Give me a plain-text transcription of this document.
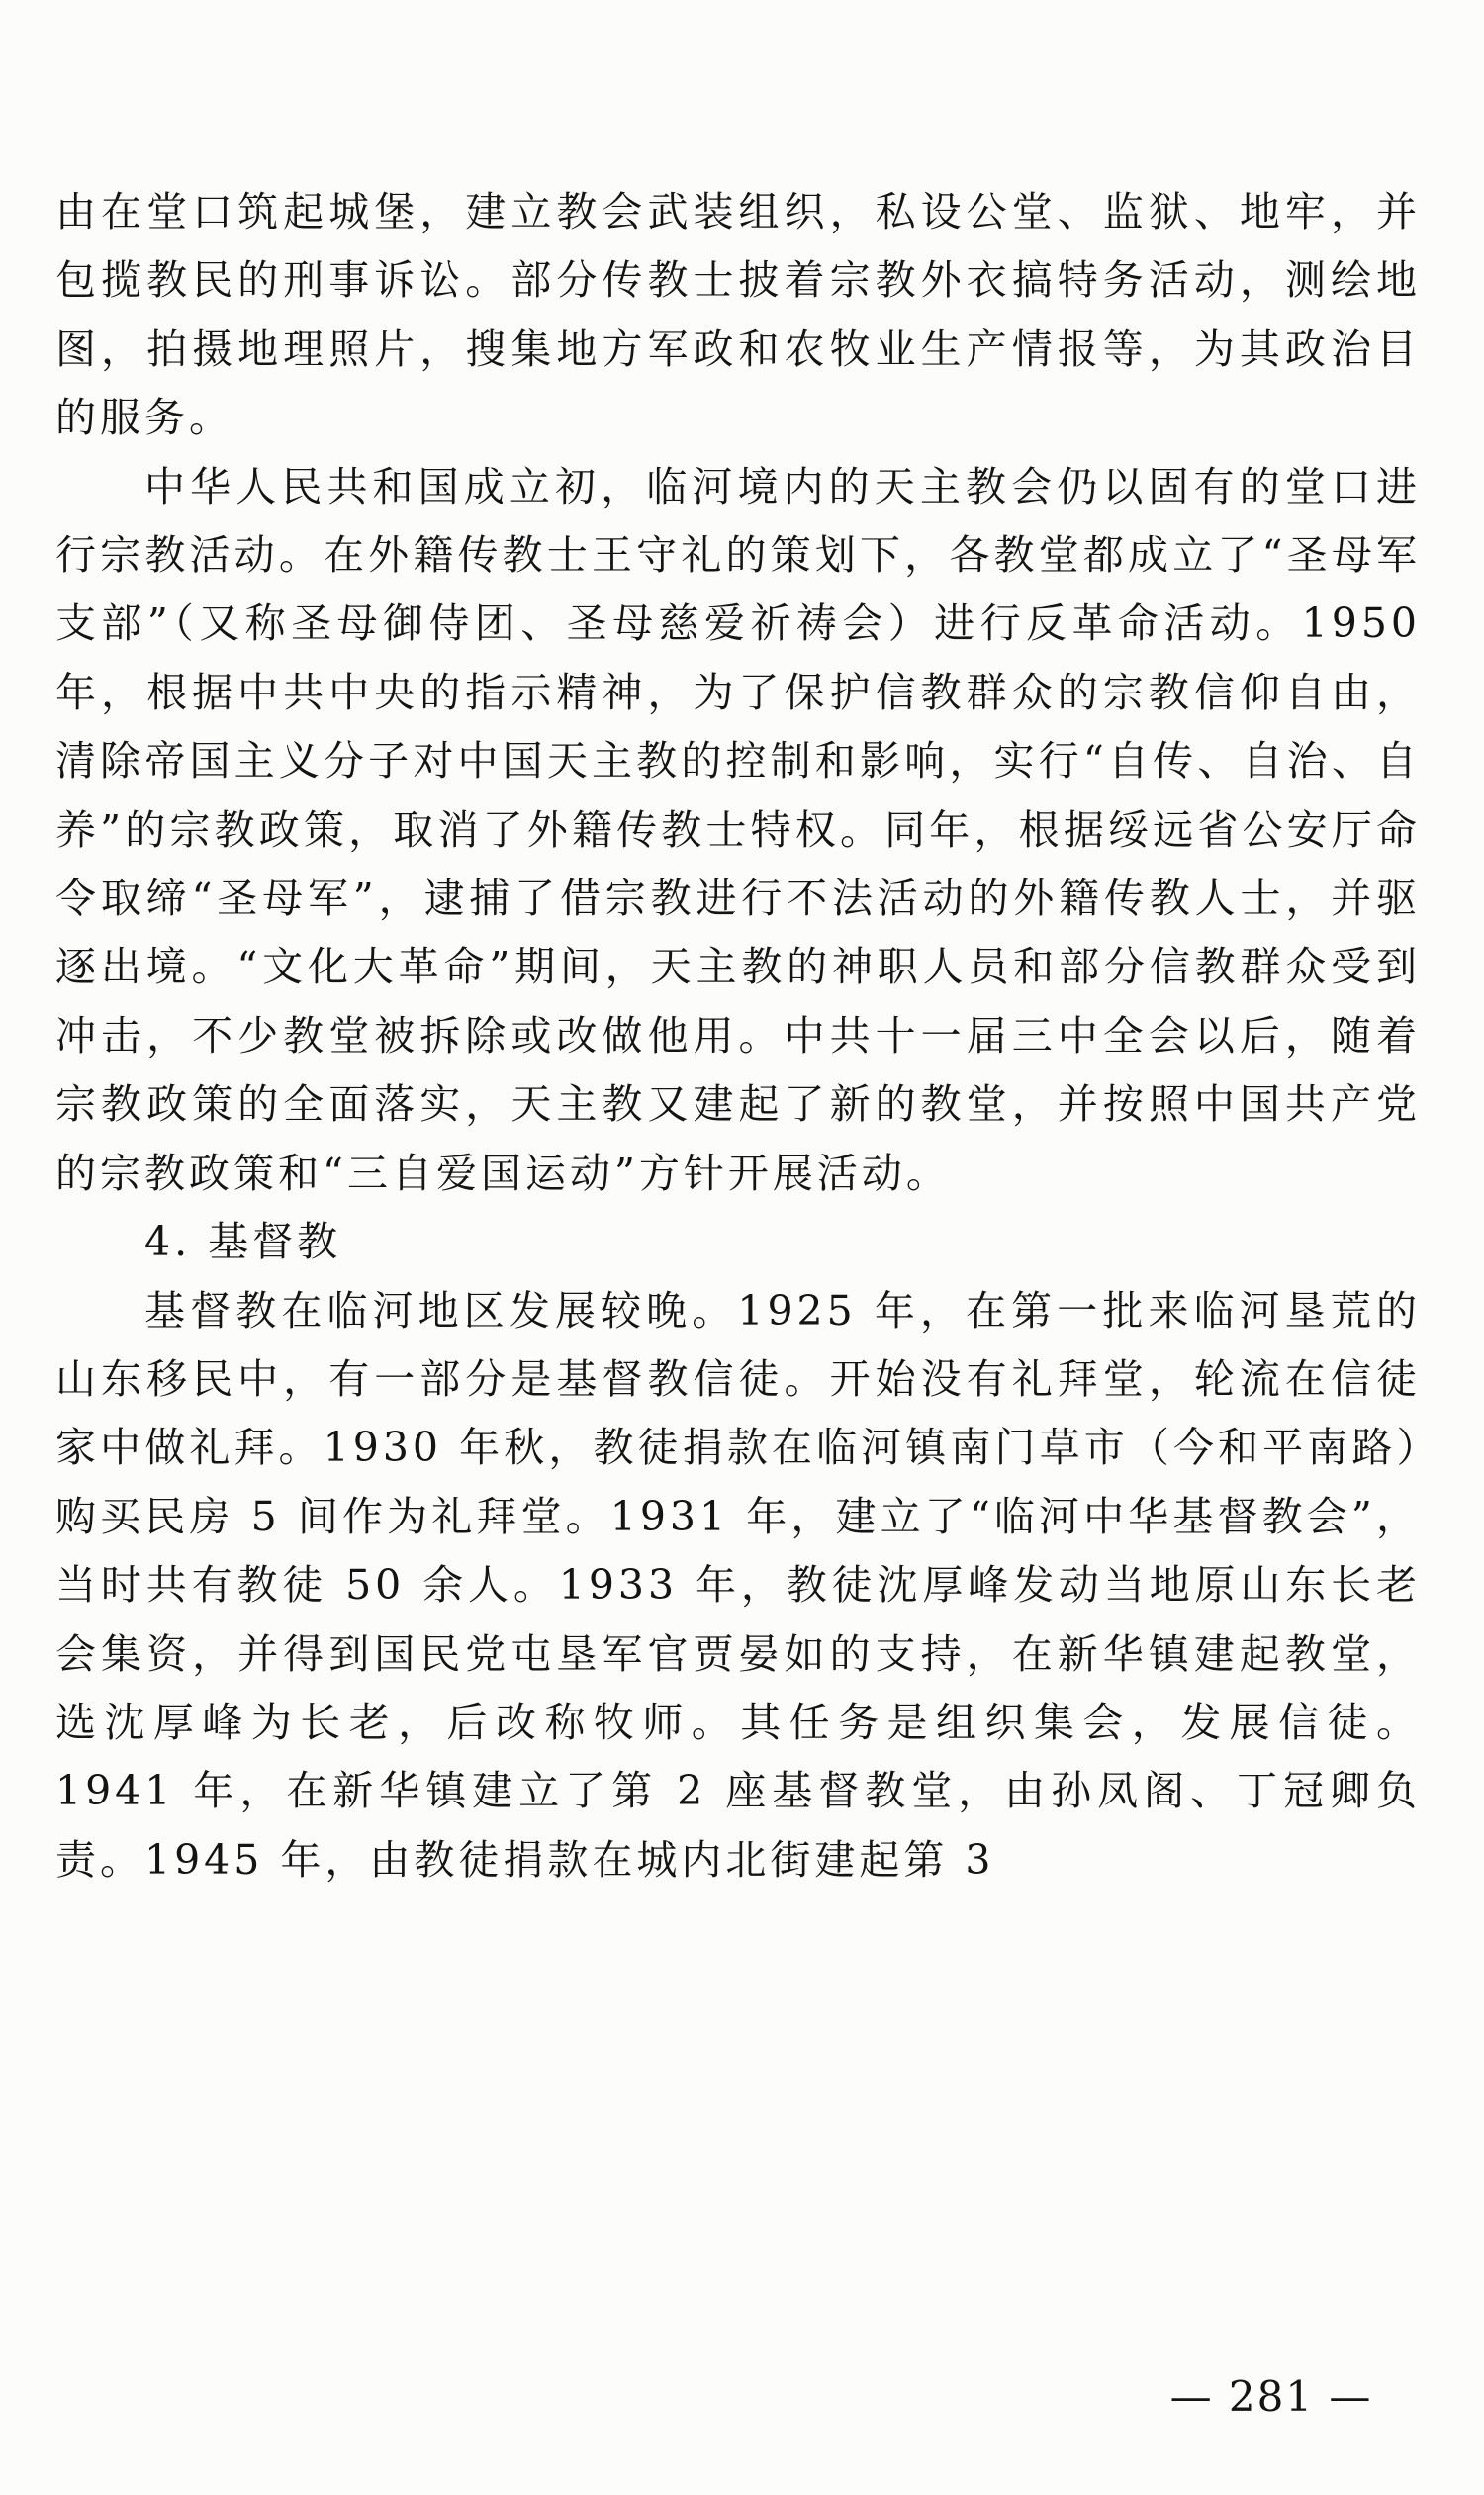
由在堂口筑起城堡，建立教会武装组织，私设公堂、监狱、地牢，并包揽教民的刑事诉讼。部分传教士披着宗教外衣搞特务活动，测绘地图，拍摄地理照片，搜集地方军政和农牧业生产情报等，为其政治目的服务。

中华人民共和国成立初，临河境内的天主教会仍以固有的堂口进行宗教活动。在外籍传教士王守礼的策划下，各教堂都成立了“圣母军支部”（又称圣母御侍团、圣母慈爱祈祷会）进行反革命活动。1950 年，根据中共中央的指示精神，为了保护信教群众的宗教信仰自由，清除帝国主义分子对中国天主教的控制和影响，实行“自传、自治、自养”的宗教政策，取消了外籍传教士特权。同年，根据绥远省公安厅命令取缔“圣母军”，逮捕了借宗教进行不法活动的外籍传教人士，并驱逐出境。“文化大革命”期间，天主教的神职人员和部分信教群众受到冲击，不少教堂被拆除或改做他用。中共十一届三中全会以后，随着宗教政策的全面落实，天主教又建起了新的教堂，并按照中国共产党的宗教政策和“三自爱国运动”方针开展活动。

4. 基督教

基督教在临河地区发展较晚。1925 年，在第一批来临河垦荒的山东移民中，有一部分是基督教信徒。开始没有礼拜堂，轮流在信徒家中做礼拜。1930 年秋，教徒捐款在临河镇南门草市（今和平南路）购买民房 5 间作为礼拜堂。1931 年，建立了“临河中华基督教会”，当时共有教徒 50 余人。1933 年，教徒沈厚峰发动当地原山东长老会集资，并得到国民党屯垦军官贾晏如的支持，在新华镇建起教堂，选沈厚峰为长老，后改称牧师。其任务是组织集会，发展信徒。1941 年，在新华镇建立了第 2 座基督教堂，由孙凤阁、丁冠卿负责。1945 年，由教徒捐款在城内北街建起第 3

— 281 —
